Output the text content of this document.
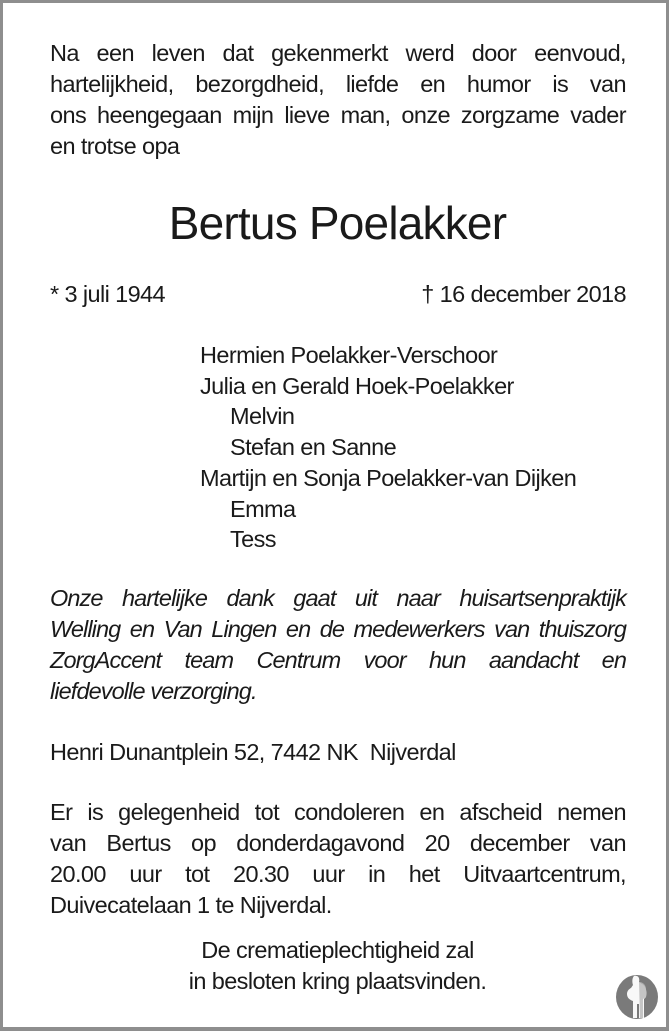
Na een leven dat gekenmerkt werd door eenvoud,
hartelijkheid, bezorgdheid, liefde en humor is van
ons heengegaan mijn lieve man, onze zorgzame vader
en trotse opa
Bertus Poelakker
* 3 juli 1944	† 16 december 2018
Hermien Poelakker-Verschoor
Julia en Gerald Hoek-Poelakker
Melvin
Stefan en Sanne
Martijn en Sonja Poelakker-van Dijken
Emma
Tess
Onze hartelijke dank gaat uit naar huisartsenpraktijk
Welling en Van Lingen en de medewerkers van thuiszorg
ZorgAccent team Centrum voor hun aandacht en
liefdevolle verzorging.
Henri Dunantplein 52, 7442 NK  Nijverdal
Er is gelegenheid tot condoleren en afscheid nemen
van Bertus op donderdagavond 20 december van
20.00 uur tot 20.30 uur in het Uitvaartcentrum,
Duivecatelaan 1 te Nijverdal.
De crematieplechtigheid zal
in besloten kring plaatsvinden.
